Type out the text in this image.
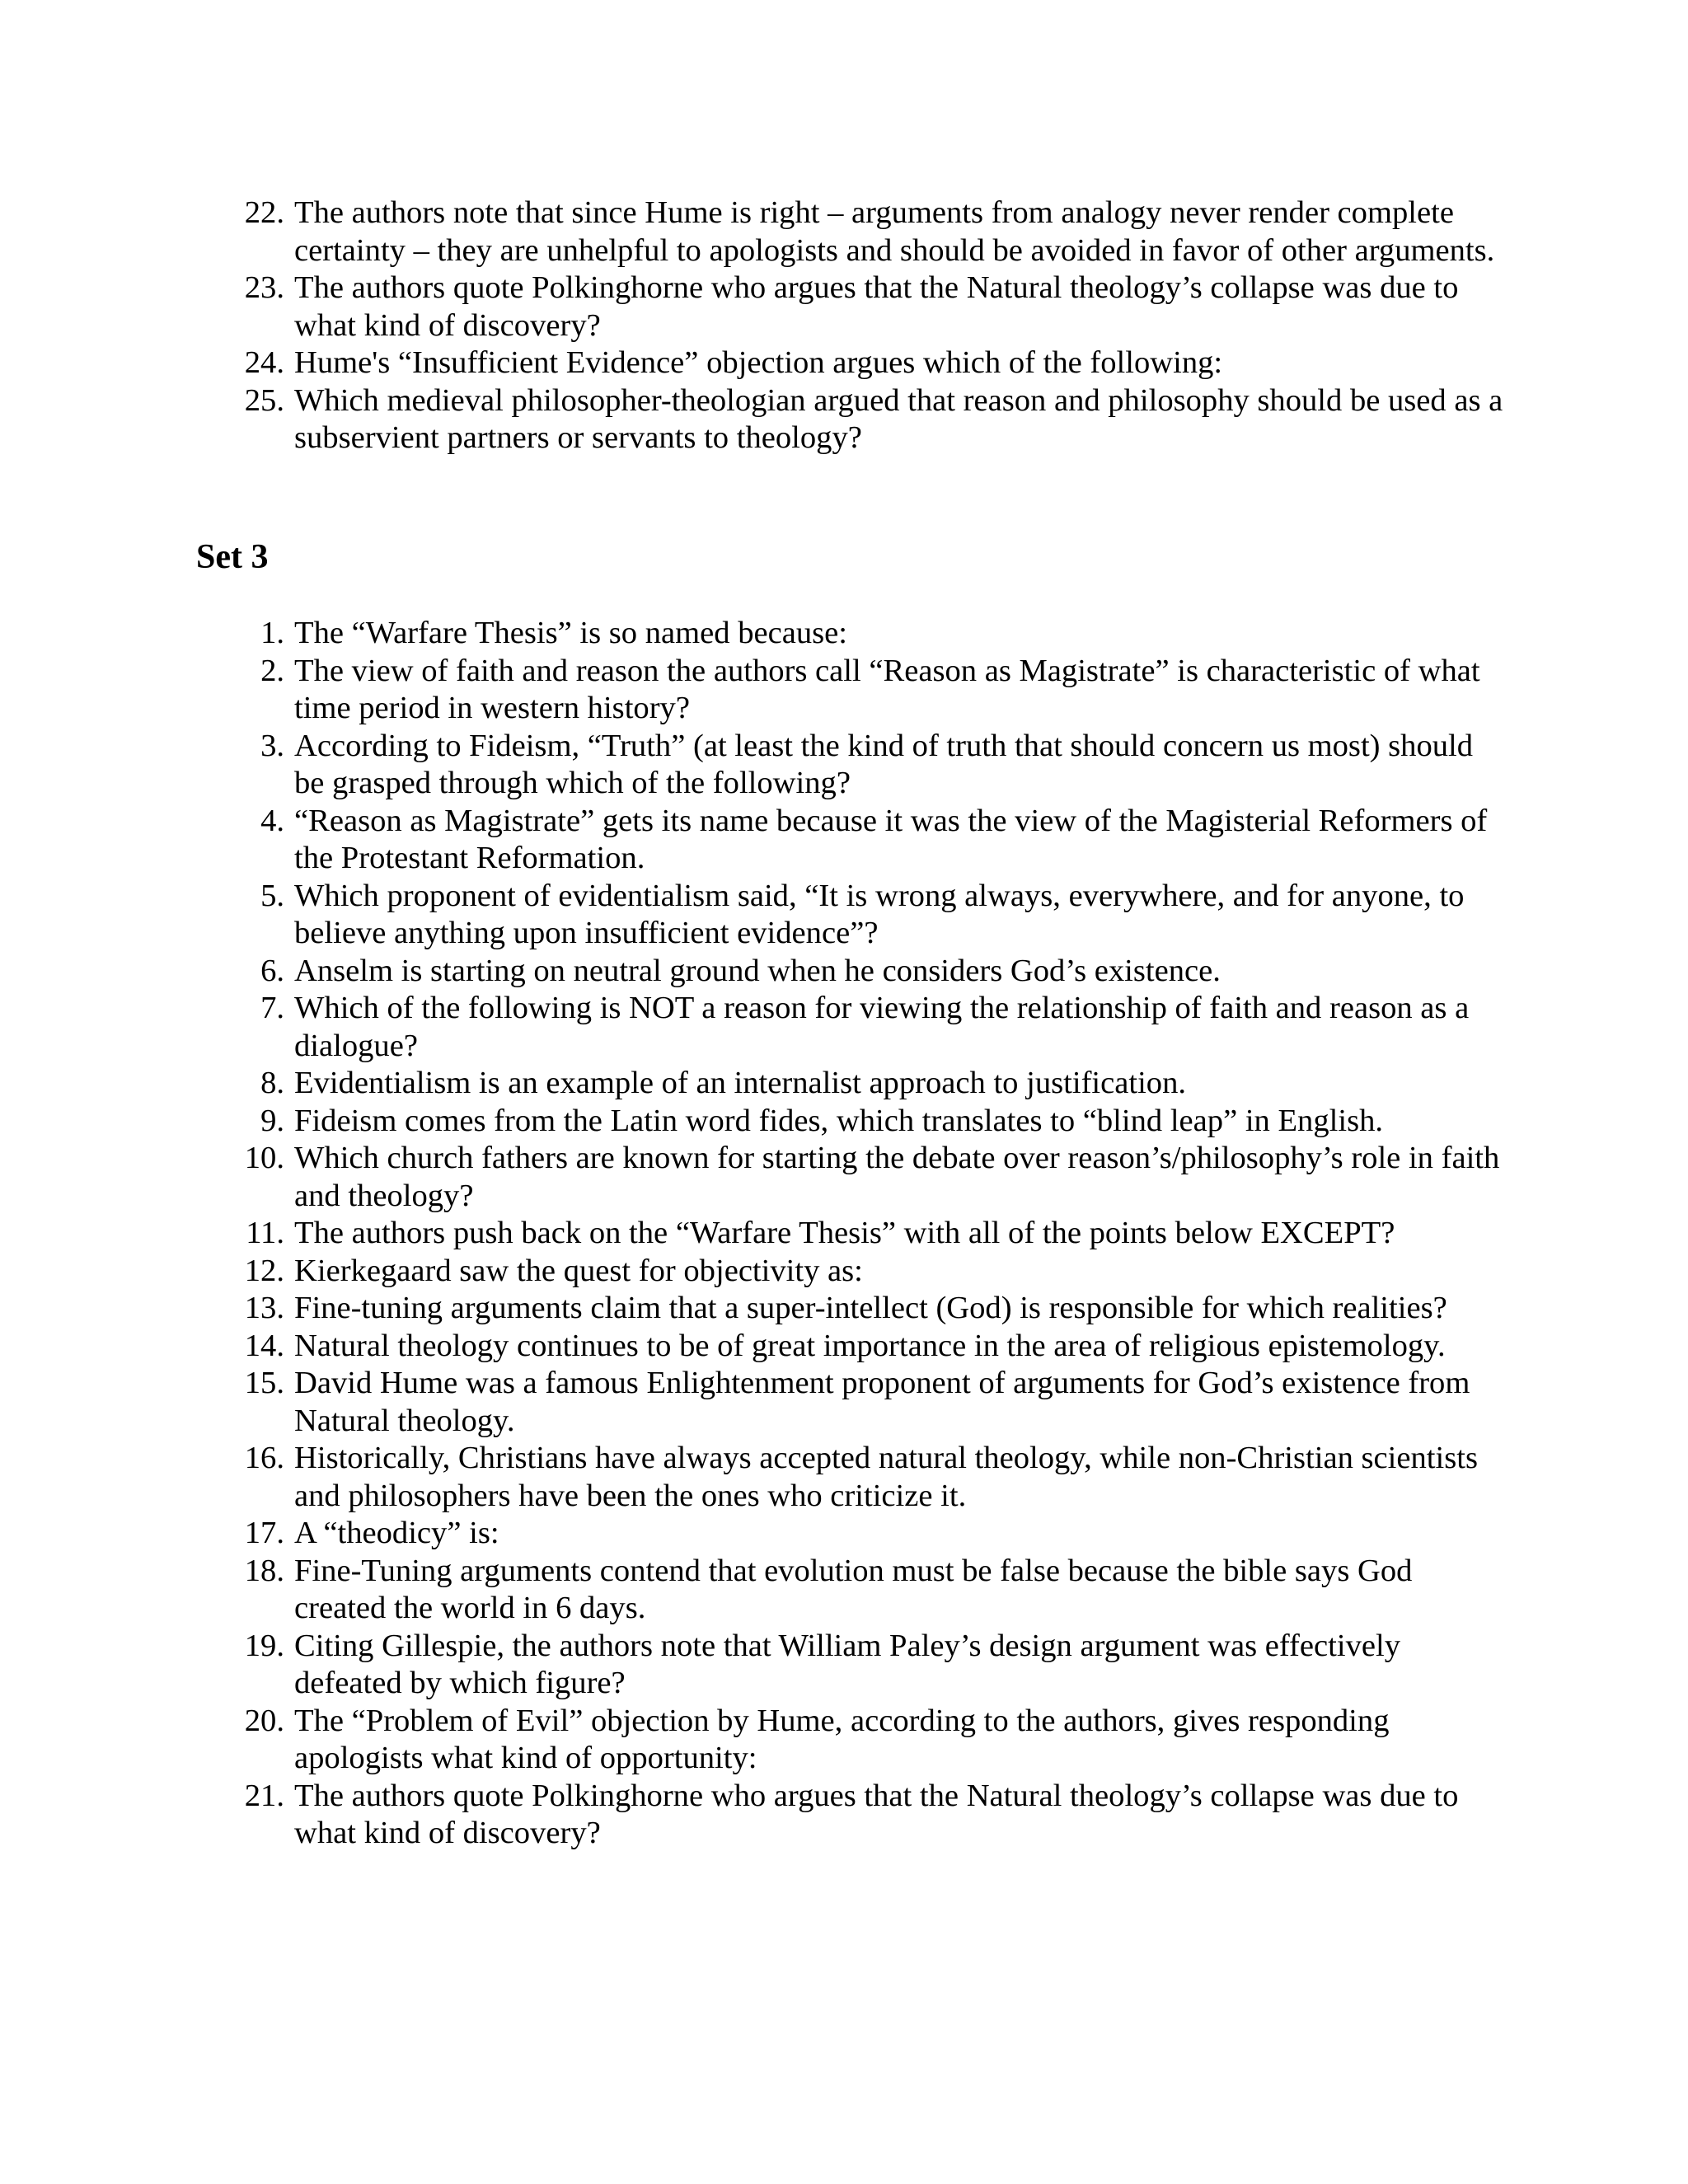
22. The authors note that since Hume is right – arguments from analogy never render complete certainty – they are unhelpful to apologists and should be avoided in favor of other arguments.
23. The authors quote Polkinghorne who argues that the Natural theology’s collapse was due to what kind of discovery?
24. Hume's “Insufficient Evidence” objection argues which of the following:
25. Which medieval philosopher-theologian argued that reason and philosophy should be used as a subservient partners or servants to theology?
Set 3
1. The “Warfare Thesis” is so named because:
2. The view of faith and reason the authors call “Reason as Magistrate” is characteristic of what time period in western history?
3. According to Fideism, “Truth” (at least the kind of truth that should concern us most) should be grasped through which of the following?
4. “Reason as Magistrate” gets its name because it was the view of the Magisterial Reformers of the Protestant Reformation.
5. Which proponent of evidentialism said, “It is wrong always, everywhere, and for anyone, to believe anything upon insufficient evidence”?
6. Anselm is starting on neutral ground when he considers God’s existence.
7. Which of the following is NOT a reason for viewing the relationship of faith and reason as a dialogue?
8. Evidentialism is an example of an internalist approach to justification.
9. Fideism comes from the Latin word fides, which translates to “blind leap” in English.
10. Which church fathers are known for starting the debate over reason’s/philosophy’s role in faith and theology?
11. The authors push back on the “Warfare Thesis” with all of the points below EXCEPT?
12. Kierkegaard saw the quest for objectivity as:
13. Fine-tuning arguments claim that a super-intellect (God) is responsible for which realities?
14. Natural theology continues to be of great importance in the area of religious epistemology.
15. David Hume was a famous Enlightenment proponent of arguments for God’s existence from Natural theology.
16. Historically, Christians have always accepted natural theology, while non-Christian scientists and philosophers have been the ones who criticize it.
17. A “theodicy” is:
18. Fine-Tuning arguments contend that evolution must be false because the bible says God created the world in 6 days.
19. Citing Gillespie, the authors note that William Paley’s design argument was effectively defeated by which figure?
20. The “Problem of Evil” objection by Hume, according to the authors, gives responding apologists what kind of opportunity:
21. The authors quote Polkinghorne who argues that the Natural theology’s collapse was due to what kind of discovery?
